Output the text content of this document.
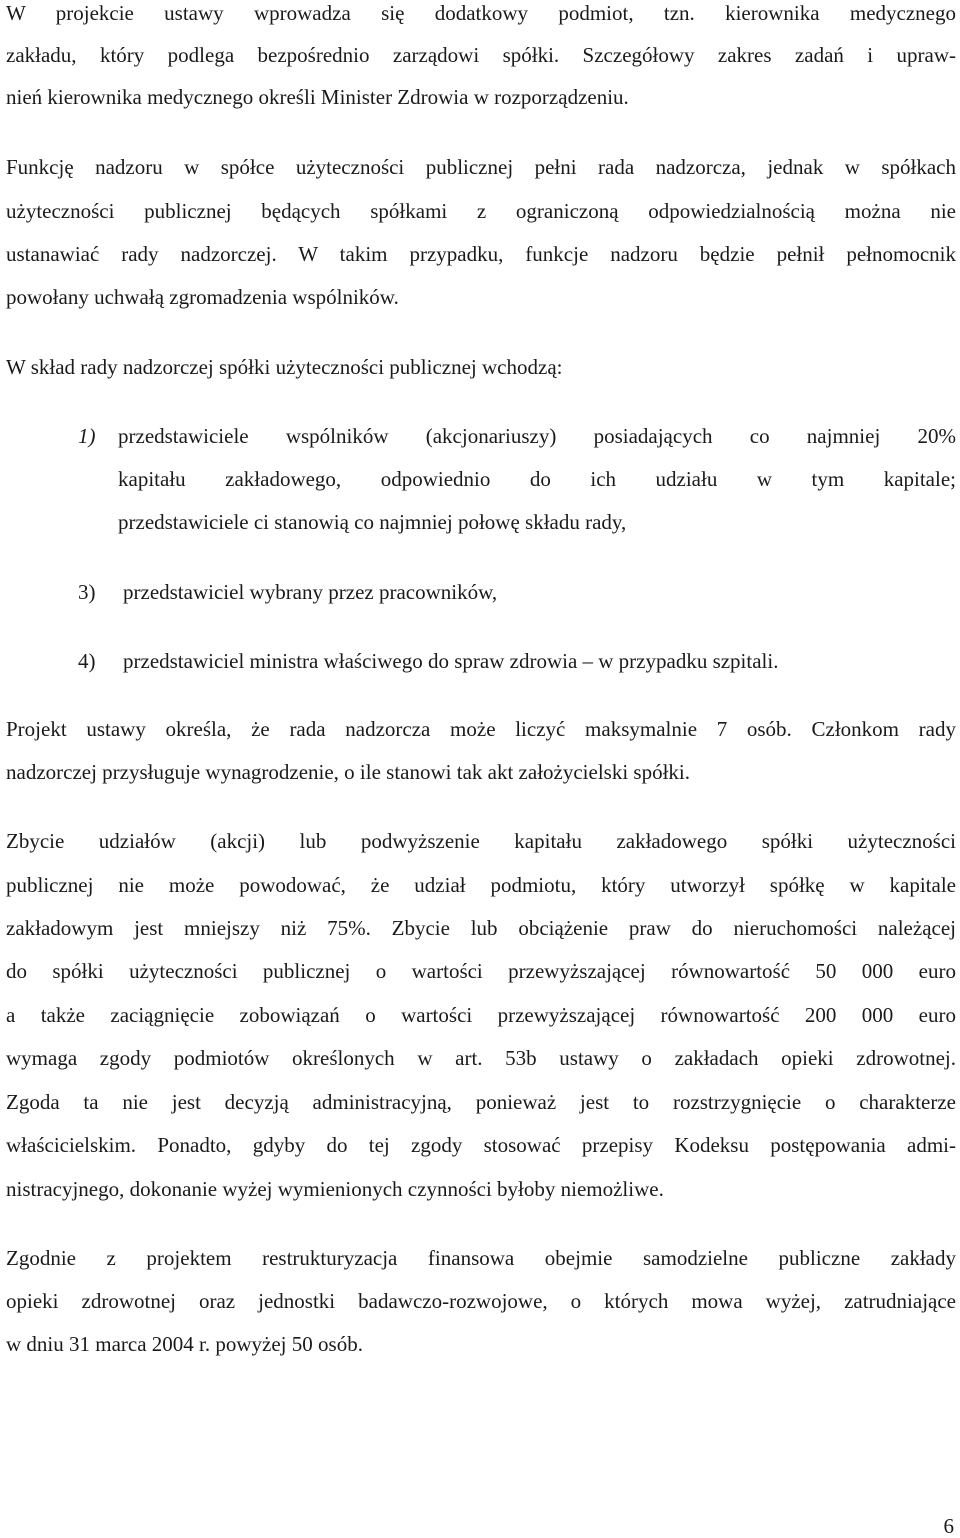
W projekcie ustawy wprowadza się dodatkowy podmiot, tzn. kierownika medycznego
zakładu, który podlega bezpośrednio zarządowi spółki. Szczegółowy zakres zadań i upraw-
nień kierownika medycznego określi Minister Zdrowia w rozporządzeniu.
Funkcję nadzoru w spółce użyteczności publicznej pełni rada nadzorcza, jednak w spółkach
użyteczności publicznej będących spółkami z ograniczoną odpowiedzialnością można nie
ustanawiać rady nadzorczej. W takim przypadku, funkcje nadzoru będzie pełnił pełnomocnik
powołany uchwałą zgromadzenia wspólników.
W skład rady nadzorczej spółki użyteczności publicznej wchodzą:
1)	przedstawiciele wspólników (akcjonariuszy) posiadających co najmniej 20%
kapitału zakładowego, odpowiednio do ich udziału w tym kapitale;
przedstawiciele ci stanowią co najmniej połowę składu rady,
3)	przedstawiciel wybrany przez pracowników,
4)	przedstawiciel ministra właściwego do spraw zdrowia – w przypadku szpitali.
Projekt ustawy określa, że rada nadzorcza może liczyć maksymalnie 7 osób. Członkom rady
nadzorczej przysługuje wynagrodzenie, o ile stanowi tak akt założycielski spółki.
Zbycie udziałów (akcji) lub podwyższenie kapitału zakładowego spółki użyteczności
publicznej nie może powodować, że udział podmiotu, który utworzył spółkę w kapitale
zakładowym jest mniejszy niż 75%. Zbycie lub obciążenie praw do nieruchomości należącej
do spółki użyteczności publicznej o wartości przewyższającej równowartość 50 000 euro
a także zaciągnięcie zobowiązań o wartości przewyższającej równowartość 200 000 euro
wymaga zgody podmiotów określonych w art. 53b ustawy o zakładach opieki zdrowotnej.
Zgoda ta nie jest decyzją administracyjną, ponieważ jest to rozstrzygnięcie o charakterze
właścicielskim. Ponadto, gdyby do tej zgody stosować przepisy Kodeksu postępowania admi-
nistracyjnego, dokonanie wyżej wymienionych czynności byłoby niemożliwe.
Zgodnie z projektem restrukturyzacja finansowa obejmie samodzielne publiczne zakłady
opieki zdrowotnej oraz jednostki badawczo-rozwojowe, o których mowa wyżej, zatrudniające
w dniu 31 marca 2004 r. powyżej 50 osób.
6
